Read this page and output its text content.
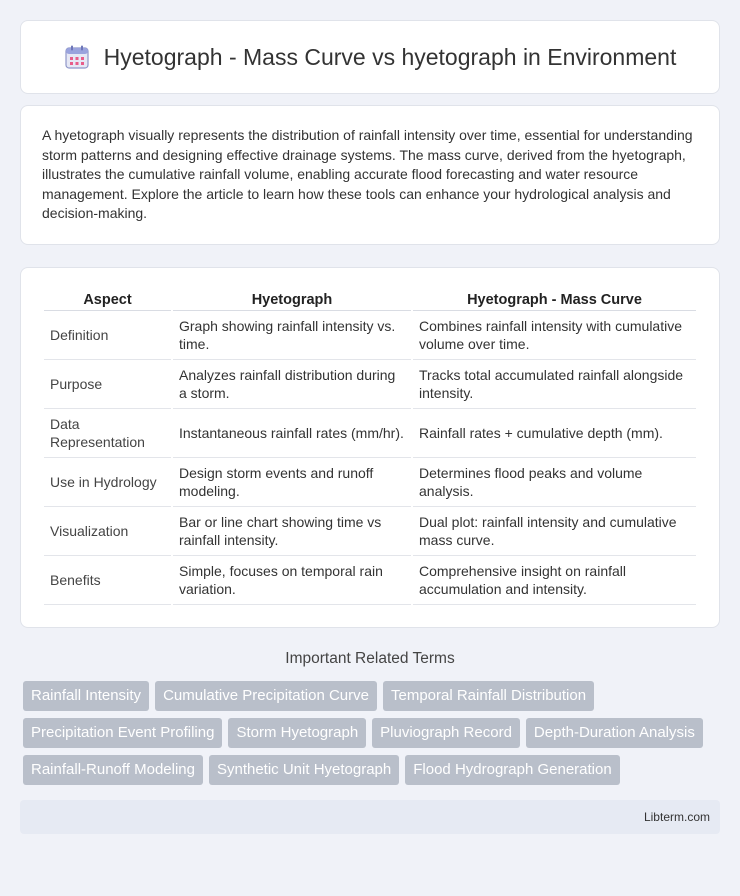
Hyetograph - Mass Curve vs hyetograph in Environment

A hyetograph visually represents the distribution of rainfall intensity over time, essential for understanding storm patterns and designing effective drainage systems. The mass curve, derived from the hyetograph, illustrates the cumulative rainfall volume, enabling accurate flood forecasting and water resource management. Explore the article to learn how these tools can enhance your hydrological analysis and decision-making.

Aspect	Hyetograph	Hyetograph - Mass Curve
Definition	Graph showing rainfall intensity vs. time.	Combines rainfall intensity with cumulative volume over time.
Purpose	Analyzes rainfall distribution during a storm.	Tracks total accumulated rainfall alongside intensity.
Data Representation	Instantaneous rainfall rates (mm/hr).	Rainfall rates + cumulative depth (mm).
Use in Hydrology	Design storm events and runoff modeling.	Determines flood peaks and volume analysis.
Visualization	Bar or line chart showing time vs rainfall intensity.	Dual plot: rainfall intensity and cumulative mass curve.
Benefits	Simple, focuses on temporal rain variation.	Comprehensive insight on rainfall accumulation and intensity.
Important Related Terms
Rainfall Intensity	Cumulative Precipitation Curve	Temporal Rainfall Distribution
Precipitation Event Profiling	Storm Hyetograph	Pluviograph Record	Depth-Duration Analysis
Rainfall-Runoff Modeling	Synthetic Unit Hyetograph	Flood Hydrograph Generation
Libterm.com
